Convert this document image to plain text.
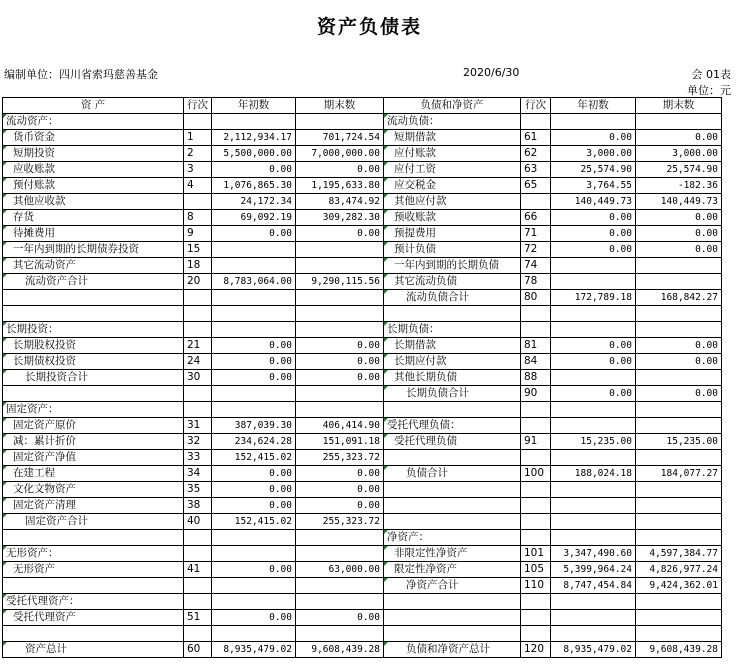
资产负债表
编制单位：四川省索玛慈善基金	2020/6/30	会 01表
单位：元
资 产	行次	年初数	期末数	负债和净资产	行次	年初数	期末数
流动资产：				流动负债：			
货币资金	1	2,112,934.17	701,724.54	短期借款	61	0.00	0.00
短期投资	2	5,500,000.00	7,000,000.00	应付账款	62	3,000.00	3,000.00
应收账款	3	0.00	0.00	应付工资	63	25,574.90	25,574.90
预付账款	4	1,076,865.30	1,195,633.80	应交税金	65	3,764.55	-182.36
其他应收款		24,172.34	83,474.92	其他应付款		140,449.73	140,449.73
存货	8	69,092.19	309,282.30	预收账款	66	0.00	0.00
待摊费用	9	0.00	0.00	预提费用	71	0.00	0.00
一年内到期的长期债券投资	15			预计负债	72	0.00	0.00
其它流动资产	18			一年内到期的长期负债	74		
流动资产合计	20	8,783,064.00	9,290,115.56	其它流动负债	78		
				流动负债合计	80	172,789.18	168,842.27

长期投资：				长期负债：			
长期股权投资	21	0.00	0.00	长期借款	81	0.00	0.00
长期债权投资	24	0.00	0.00	长期应付款	84	0.00	0.00
长期投资合计	30	0.00	0.00	其他长期负债	88		
				长期负债合计	90	0.00	0.00
固定资产：							
固定资产原价	31	387,039.30	406,414.90	受托代理负债：			
减：累计折价	32	234,624.28	151,091.18	受托代理负债	91	15,235.00	15,235.00
固定资产净值	33	152,415.02	255,323.72				
在建工程	34	0.00	0.00	负债合计	100	188,024.18	184,077.27
文化文物资产	35	0.00	0.00				
固定资产清理	38	0.00	0.00				
固定资产合计	40	152,415.02	255,323.72				
				净资产：			
无形资产：				非限定性净资产	101	3,347,490.60	4,597,384.77
无形资产	41	0.00	63,000.00	限定性净资产	105	5,399,964.24	4,826,977.24
				净资产合计	110	8,747,454.84	9,424,362.01
受托代理资产：							
受托代理资产	51	0.00	0.00				

资产总计	60	8,935,479.02	9,608,439.28	负债和净资产总计	120	8,935,479.02	9,608,439.28
